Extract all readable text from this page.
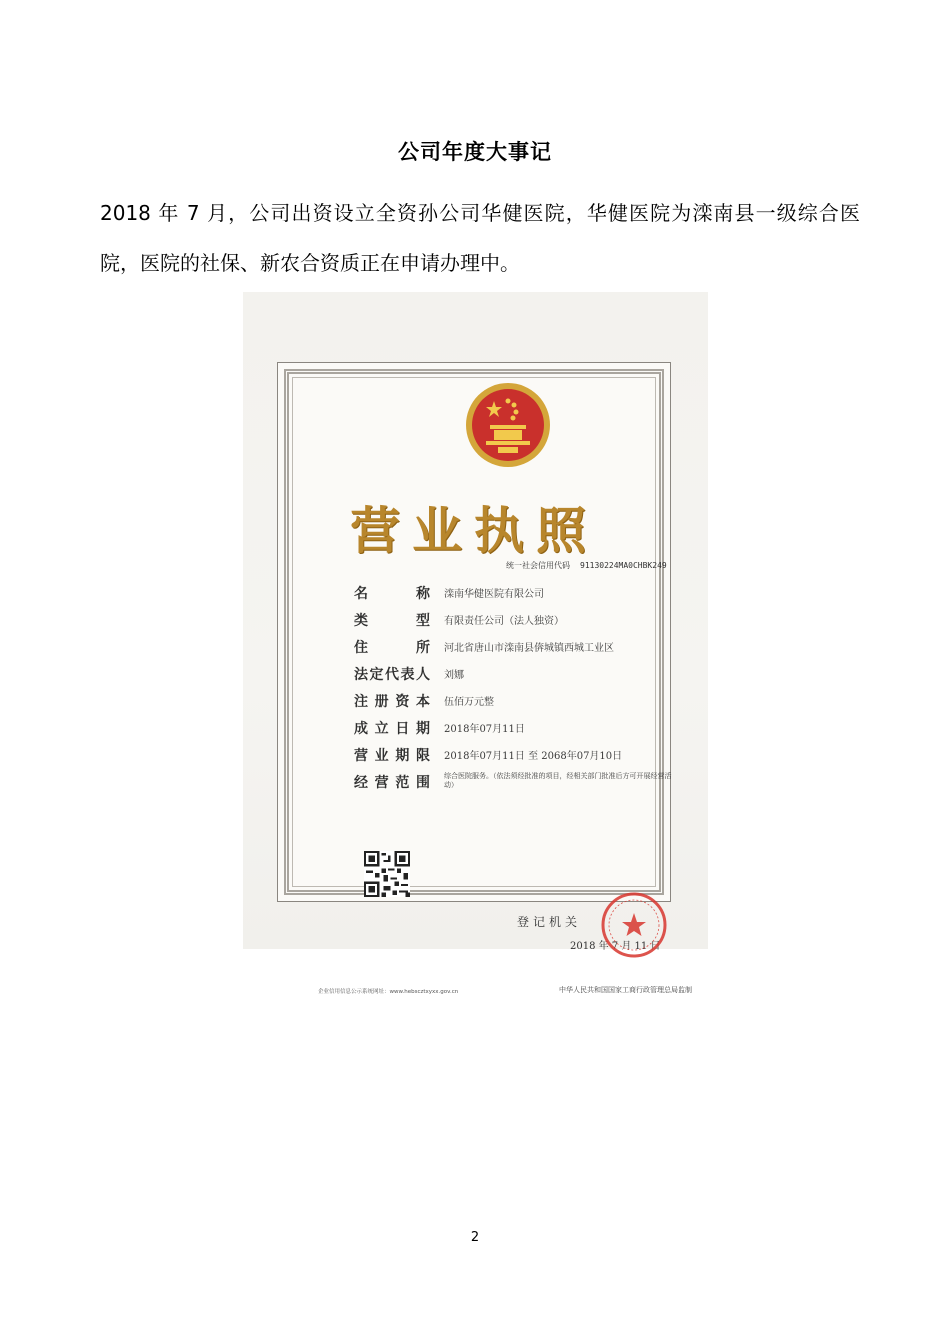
公司年度大事记
2018 年 7 月，公司出资设立全资孙公司华健医院，华健医院为滦南县一级综合医院，医院的社保、新农合资质正在申请办理中。
营业执照
统一社会信用代码 91130224MA0CHBK249
名称 滦南华健医院有限公司
类型 有限责任公司（法人独资）
住所 河北省唐山市滦南县倴城镇西城工业区
法定代表人 刘娜
注册资本 伍佰万元整
成立日期 2018年07月11日
营业期限 2018年07月11日 至 2068年07月10日
经营范围 综合医院服务。（依法须经批准的项目，经相关部门批准后方可开展经营活动）
登记机关
2018 年 7 月 11 日
企业信用信息公示系统网址：www.hebscztxyxx.gov.cn	中华人民共和国国家工商行政管理总局监制
2
